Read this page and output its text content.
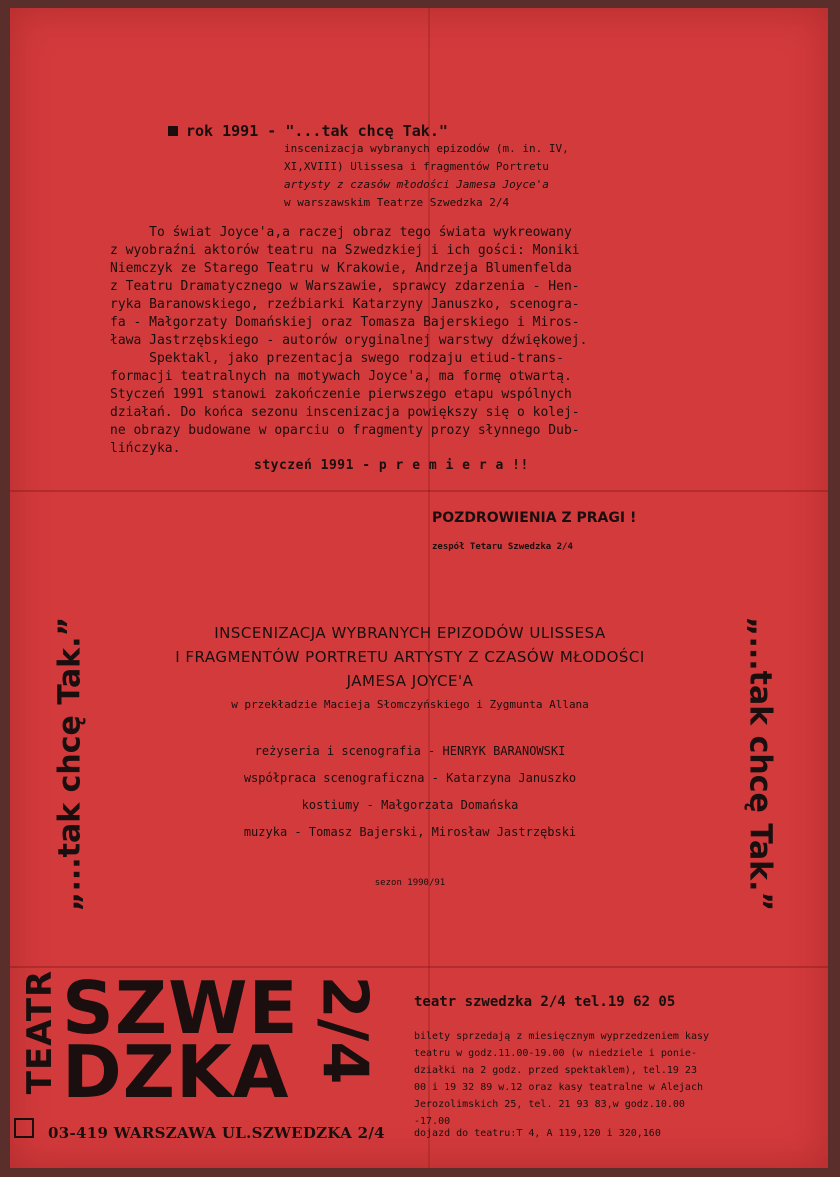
rok 1991 - "...tak chcę Tak."
inscenizacja wybranych epizodów (m. in. IV,
XI,XVIII) Ulissesa i fragmentów Portretu
artysty z czasów młodości Jamesa Joyce'a
w warszawskim Teatrze Szwedzka 2/4
To świat Joyce'a,a raczej obraz tego świata wykreowany
z wyobraźni aktorów teatru na Szwedzkiej i ich gości: Moniki
Niemczyk ze Starego Teatru w Krakowie, Andrzeja Blumenfelda
z Teatru Dramatycznego w Warszawie, sprawcy zdarzenia - Hen-
ryka Baranowskiego, rzeźbiarki Katarzyny Januszko, scenogra-
fa - Małgorzaty Domańskiej oraz Tomasza Bajerskiego i Miros-
ława Jastrzębskiego - autorów oryginalnej warstwy dźwiękowej.
Spektakl, jako prezentacja swego rodzaju etiud-trans-
formacji teatralnych na motywach Joyce'a, ma formę otwartą.
Styczeń 1991 stanowi zakończenie pierwszego etapu wspólnych
działań. Do końca sezonu inscenizacja powiększy się o kolej-
ne obrazy budowane w oparciu o fragmenty prozy słynnego Dub-
lińczyka.
styczeń 1991 - p r e m i e r a !!
POZDROWIENIA Z PRAGI !
zespół Tetaru Szwedzka 2/4
INSCENIZACJA WYBRANYCH EPIZODÓW ULISSESA
I FRAGMENTÓW PORTRETU ARTYSTY Z CZASÓW MŁODOŚCI
JAMESA JOYCE'A
w przekładzie Macieja Słomczyńskiego i Zygmunta Allana
reżyseria i scenografia - HENRYK BARANOWSKI
współpraca scenograficzna - Katarzyna Januszko
kostiumy - Małgorzata Domańska
muzyka - Tomasz Bajerski, Mirosław Jastrzębski
sezon 1990/91
„...tak chcę Tak.”	„...tak chcę Tak.”
TEATR SZWE
DZKA 2/4
03-419 WARSZAWA UL.SZWEDZKA 2/4
teatr szwedzka 2/4 tel.19 62 05
bilety sprzedają z miesięcznym wyprzedzeniem kasy
teatru w godz.11.00-19.00 (w niedziele i ponie-
działki na 2 godz. przed spektaklem), tel.19 23
00 i 19 32 89 w.12 oraz kasy teatralne w Alejach
Jerozolimskich 25, tel. 21 93 83,w godz.10.00
-17.00
dojazd do teatru:T 4, A 119,120 i 320,160
